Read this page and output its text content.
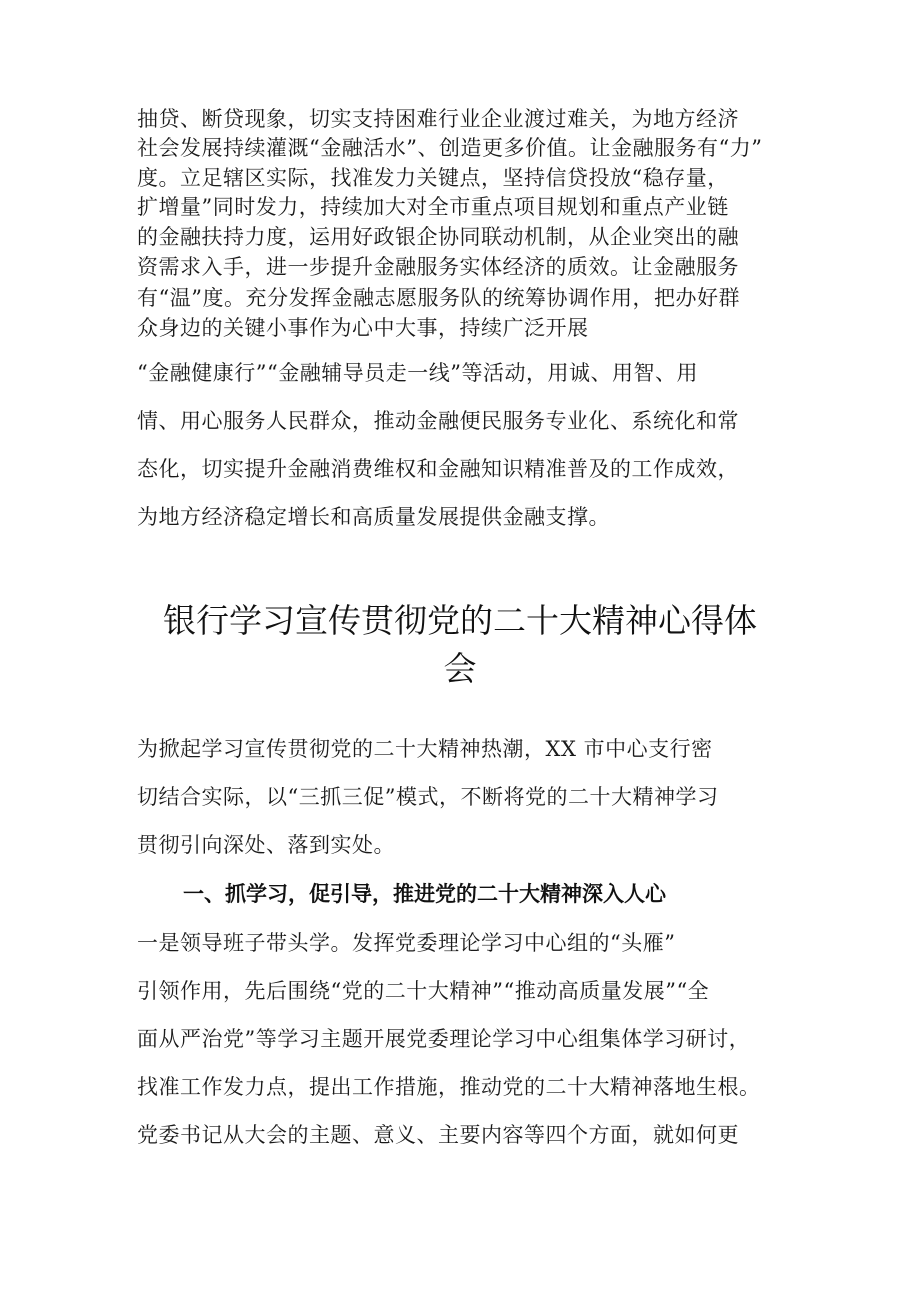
抽贷、断贷现象，切实支持困难行业企业渡过难关，为地方经济
社会发展持续灌溉“金融活水”、创造更多价值。让金融服务有“力”
度。立足辖区实际，找准发力关键点，坚持信贷投放“稳存量，
扩增量”同时发力，持续加大对全市重点项目规划和重点产业链
的金融扶持力度，运用好政银企协同联动机制，从企业突出的融
资需求入手，进一步提升金融服务实体经济的质效。让金融服务
有“温”度。充分发挥金融志愿服务队的统筹协调作用，把办好群
众身边的关键小事作为心中大事，持续广泛开展
“金融健康行”“金融辅导员走一线”等活动，用诚、用智、用
情、用心服务人民群众，推动金融便民服务专业化、系统化和常
态化，切实提升金融消费维权和金融知识精准普及的工作成效，
为地方经济稳定增长和高质量发展提供金融支撑。
银行学习宣传贯彻党的二十大精神心得体
会
为掀起学习宣传贯彻党的二十大精神热潮，XX 市中心支行密
切结合实际，以“三抓三促”模式，不断将党的二十大精神学习
贯彻引向深处、落到实处。
一、抓学习，促引导，推进党的二十大精神深入人心
一是领导班子带头学。发挥党委理论学习中心组的“头雁”
引领作用，先后围绕“党的二十大精神”“推动高质量发展”“全
面从严治党”等学习主题开展党委理论学习中心组集体学习研讨，
找准工作发力点，提出工作措施，推动党的二十大精神落地生根。
党委书记从大会的主题、意义、主要内容等四个方面，就如何更
